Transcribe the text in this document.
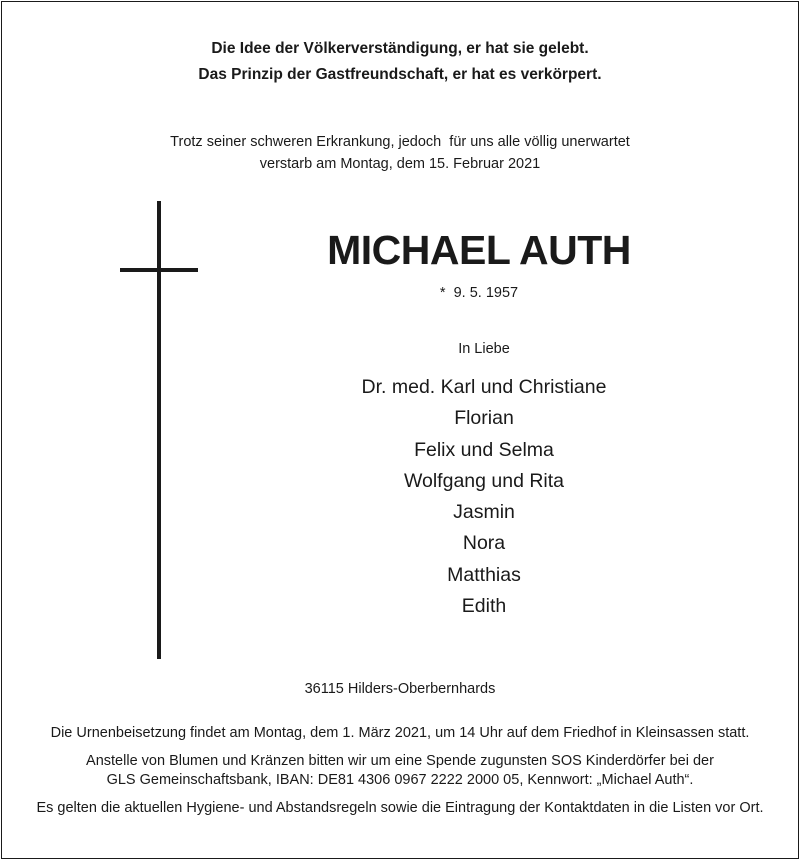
Die Idee der Völkerverständigung, er hat sie gelebt.
Das Prinzip der Gastfreundschaft, er hat es verkörpert.
Trotz seiner schweren Erkrankung, jedoch  für uns alle völlig unerwartet
verstarb am Montag, dem 15. Februar 2021
MICHAEL AUTH
*  9. 5. 1957
In Liebe
Dr. med. Karl und Christiane
Florian
Felix und Selma
Wolfgang und Rita
Jasmin
Nora
Matthias
Edith
36115 Hilders-Oberbernhards
Die Urnenbeisetzung findet am Montag, dem 1. März 2021, um 14 Uhr auf dem Friedhof in Kleinsassen statt.
Anstelle von Blumen und Kränzen bitten wir um eine Spende zugunsten SOS Kinderdörfer bei der
GLS Gemeinschaftsbank, IBAN: DE81 4306 0967 2222 2000 05, Kennwort: „Michael Auth“.
Es gelten die aktuellen Hygiene- und Abstandsregeln sowie die Eintragung der Kontaktdaten in die Listen vor Ort.
